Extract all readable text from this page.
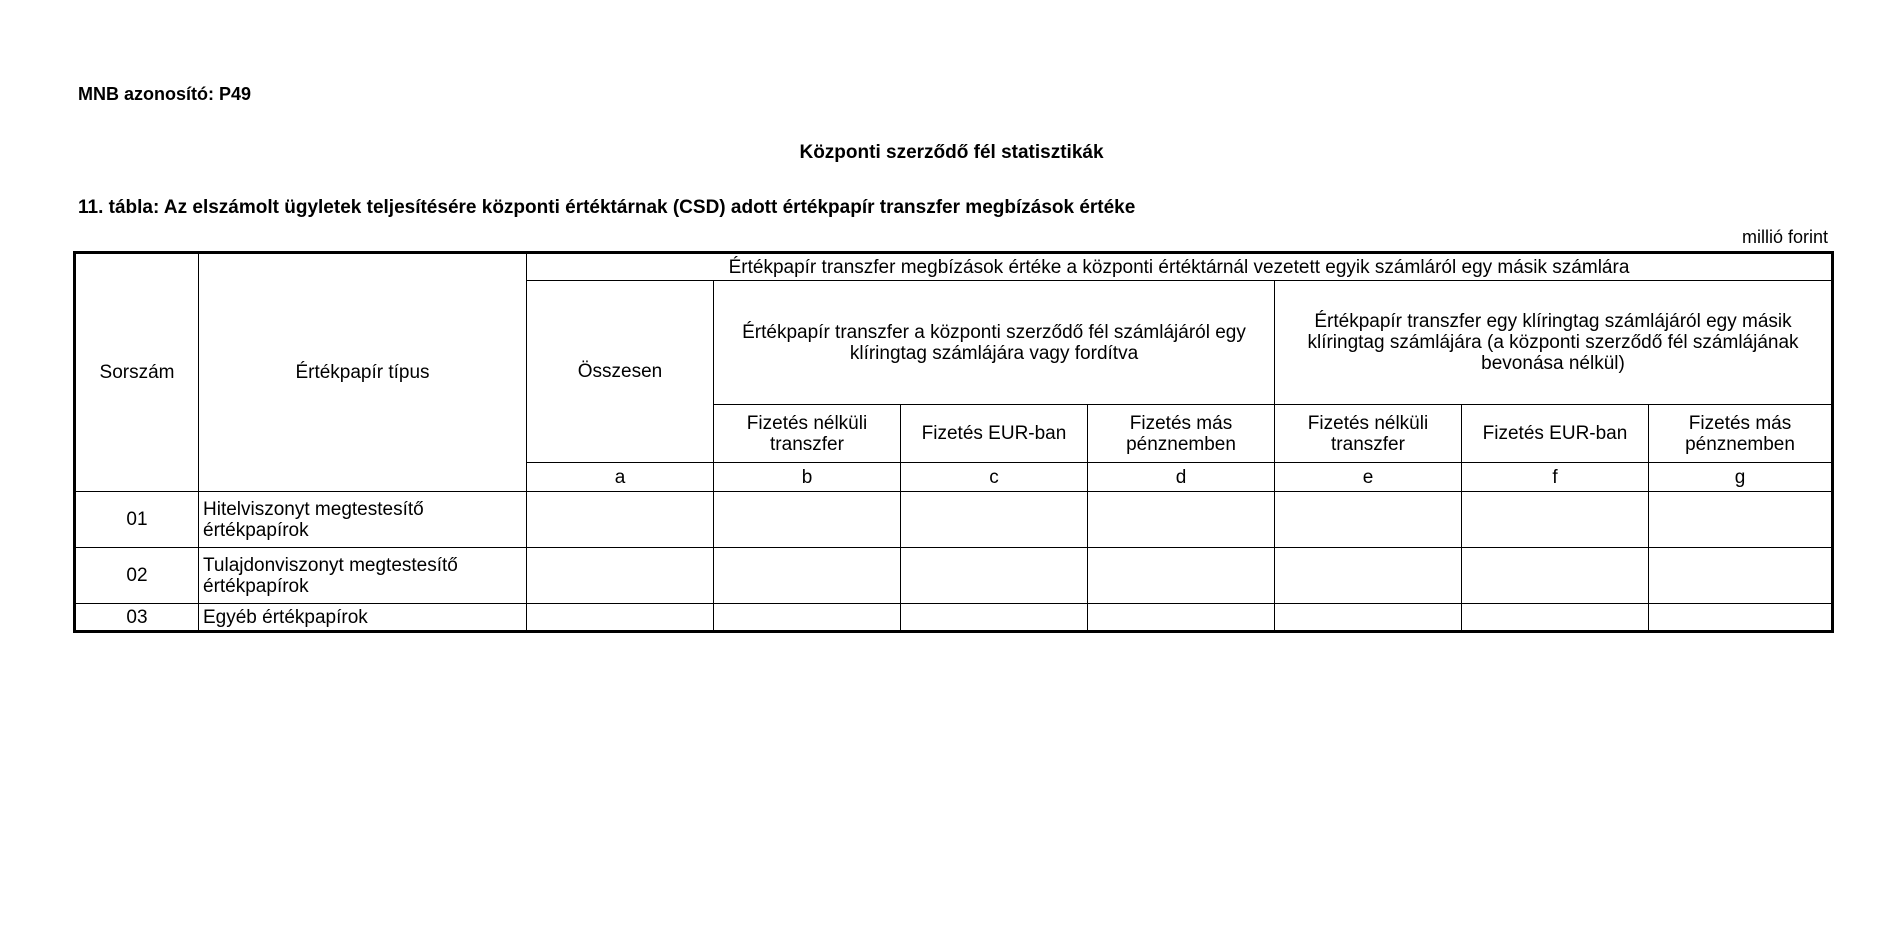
MNB azonosító: P49
Központi szerződő fél statisztikák
11. tábla: Az elszámolt ügyletek teljesítésére központi értéktárnak (CSD) adott értékpapír transzfer megbízások értéke
millió forint
Sorszám	Értékpapír típus	Értékpapír transzfer megbízások értéke a központi értéktárnál vezetett egyik számláról egy másik számlára						
		Összesen	Értékpapír transzfer a központi szerződő fél számlájáról egy klíringtag számlájára vagy fordítva			Értékpapír transzfer egy klíringtag számlájáról egy másik klíringtag számlájára (a központi szerződő fél számlájának bevonása nélkül)		
			Fizetés nélküli transzfer	Fizetés EUR-ban	Fizetés más pénznemben	Fizetés nélküli transzfer	Fizetés EUR-ban	Fizetés más pénznemben
		a	b	c	d	e	f	g
01	Hitelviszonyt megtestesítő értékpapírok							
02	Tulajdonviszonyt megtestesítő értékpapírok							
03	Egyéb értékpapírok							
